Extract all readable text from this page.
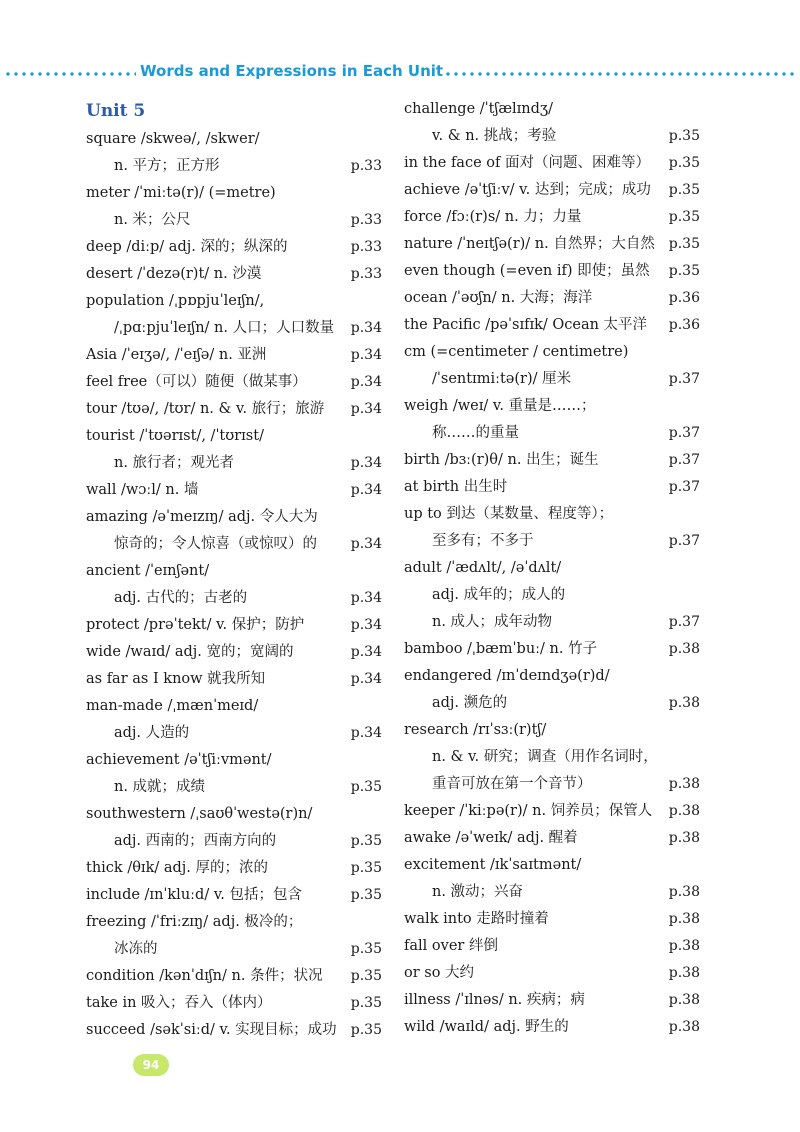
Words and Expressions in Each Unit
Unit 5
square /skweə/, /skwer/
n. 平方；正方形	p.33
meter /ˈmiːtə(r)/ (=metre)
n. 米；公尺	p.33
deep /diːp/ adj. 深的；纵深的	p.33
desert /ˈdezə(r)t/ n. 沙漠	p.33
population /ˌpɒpjuˈleɪʃn/,
/ˌpɑːpjuˈleɪʃn/ n. 人口；人口数量 p.34
Asia /ˈeɪʒə/, /ˈeɪʃə/ n. 亚洲	p.34
feel free（可以）随便（做某事）	p.34
tour /tʊə/, /tʊr/ n. & v. 旅行；旅游 p.34
tourist /ˈtʊərɪst/, /ˈtʊrɪst/
n. 旅行者；观光者	p.34
wall /wɔːl/ n. 墙	p.34
amazing /əˈmeɪzɪŋ/ adj. 令人大为
惊奇的；令人惊喜（或惊叹）的 p.34
ancient /ˈeɪnʃənt/
adj. 古代的；古老的	p.34
protect /prəˈtekt/ v. 保护；防护	p.34
wide /waɪd/ adj. 宽的；宽阔的	p.34
as far as I know 就我所知	p.34
man-made /ˌmænˈmeɪd/
adj. 人造的	p.34
achievement /əˈtʃiːvmənt/
n. 成就；成绩	p.35
southwestern /ˌsaʊθˈwestə(r)n/
adj. 西南的；西南方向的	p.35
thick /θɪk/ adj. 厚的；浓的	p.35
include /ɪnˈkluːd/ v. 包括；包含	p.35
freezing /ˈfriːzɪŋ/ adj. 极冷的；
冰冻的	p.35
condition /kənˈdɪʃn/ n. 条件；状况 p.35
take in 吸入；吞入（体内）	p.35
succeed /səkˈsiːd/ v. 实现目标；成功 p.35
challenge /ˈtʃælɪndʒ/
v. & n. 挑战；考验	p.35
in the face of 面对（问题、困难等） p.35
achieve /əˈtʃiːv/ v. 达到；完成；成功 p.35
force /fɔː(r)s/ n. 力；力量	p.35
nature /ˈneɪtʃə(r)/ n. 自然界；大自然 p.35
even though (=even if) 即使；虽然 p.35
ocean /ˈəʊʃn/ n. 大海；海洋	p.36
the Pacific /pəˈsɪfɪk/ Ocean 太平洋 p.36
cm (=centimeter / centimetre)
/ˈsentɪmiːtə(r)/ 厘米	p.37
weigh /weɪ/ v. 重量是……；
称……的重量	p.37
birth /bɜː(r)θ/ n. 出生；诞生	p.37
at birth 出生时	p.37
up to 到达（某数量、程度等）；
至多有；不多于	p.37
adult /ˈædʌlt/, /əˈdʌlt/
adj. 成年的；成人的
n. 成人；成年动物	p.37
bamboo /ˌbæmˈbuː/ n. 竹子	p.38
endangered /ɪnˈdeɪndʒə(r)d/
adj. 濒危的	p.38
research /rɪˈsɜː(r)tʃ/
n. & v. 研究；调查（用作名词时，
重音可放在第一个音节）	p.38
keeper /ˈkiːpə(r)/ n. 饲养员；保管人 p.38
awake /əˈweɪk/ adj. 醒着	p.38
excitement /ɪkˈsaɪtmənt/
n. 激动；兴奋	p.38
walk into 走路时撞着	p.38
fall over 绊倒	p.38
or so 大约	p.38
illness /ˈɪlnəs/ n. 疾病；病	p.38
wild /waɪld/ adj. 野生的	p.38
94
